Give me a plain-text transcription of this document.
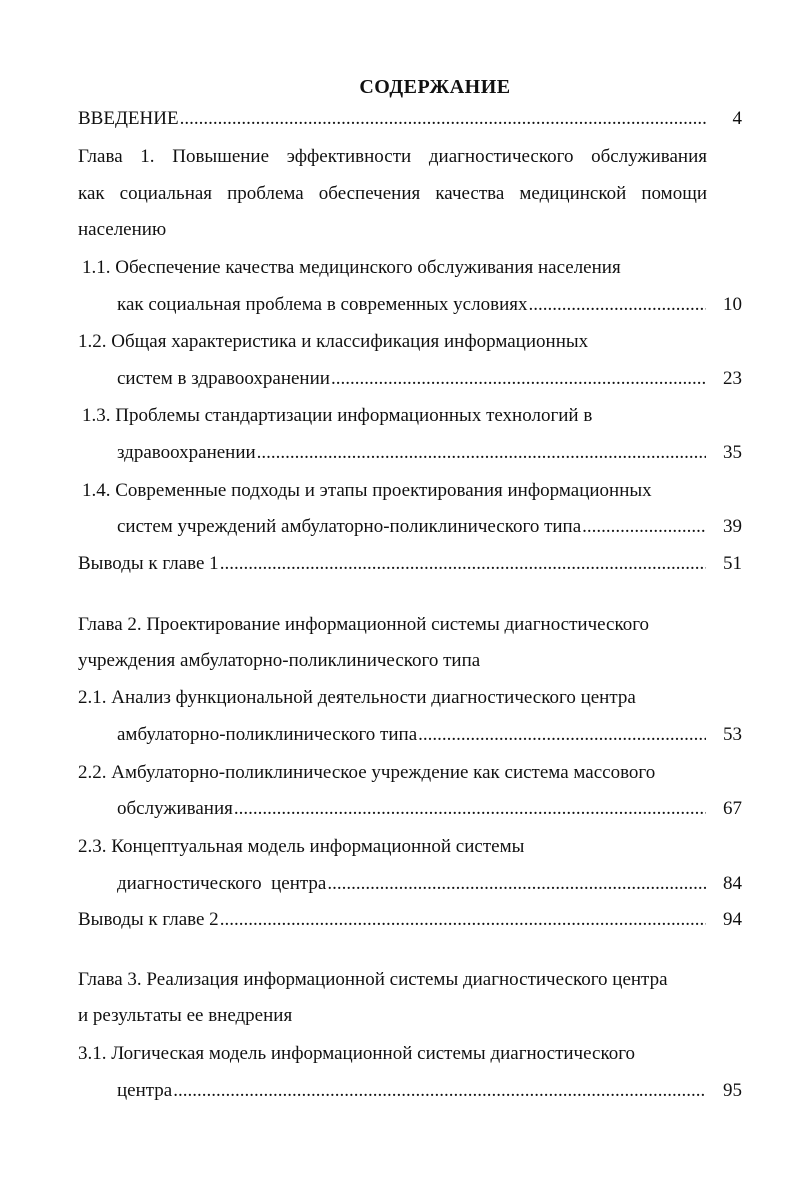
СОДЕРЖАНИЕ
ВВЕДЕНИЕ .....	4
Глава 1. Повышение эффективности диагностического обслуживания
как социальная проблема обеспечения качества медицинской помощи
населению
1.1. Обеспечение качества медицинского обслуживания населения
как социальная проблема в современных условиях .....	10
1.2. Общая характеристика и классификация информационных
систем в здравоохранении .....	23
1.3. Проблемы стандартизации информационных технологий в
здравоохранении .....	35
1.4. Современные подходы и этапы проектирования информационных
систем учреждений амбулаторно-поликлинического типа .....	39
Выводы к главе 1 .....	51
Глава 2. Проектирование информационной системы диагностического
учреждения амбулаторно-поликлинического типа
2.1. Анализ функциональной деятельности диагностического центра
амбулаторно-поликлинического типа .....	53
2.2. Амбулаторно-поликлиническое учреждение как система массового
обслуживания .....	67
2.3. Концептуальная модель информационной системы
диагностического  центра .....	84
Выводы к главе 2 .....	94
Глава 3. Реализация информационной системы диагностического центра
и результаты ее внедрения
3.1. Логическая модель информационной системы диагностического
центра .....	95
